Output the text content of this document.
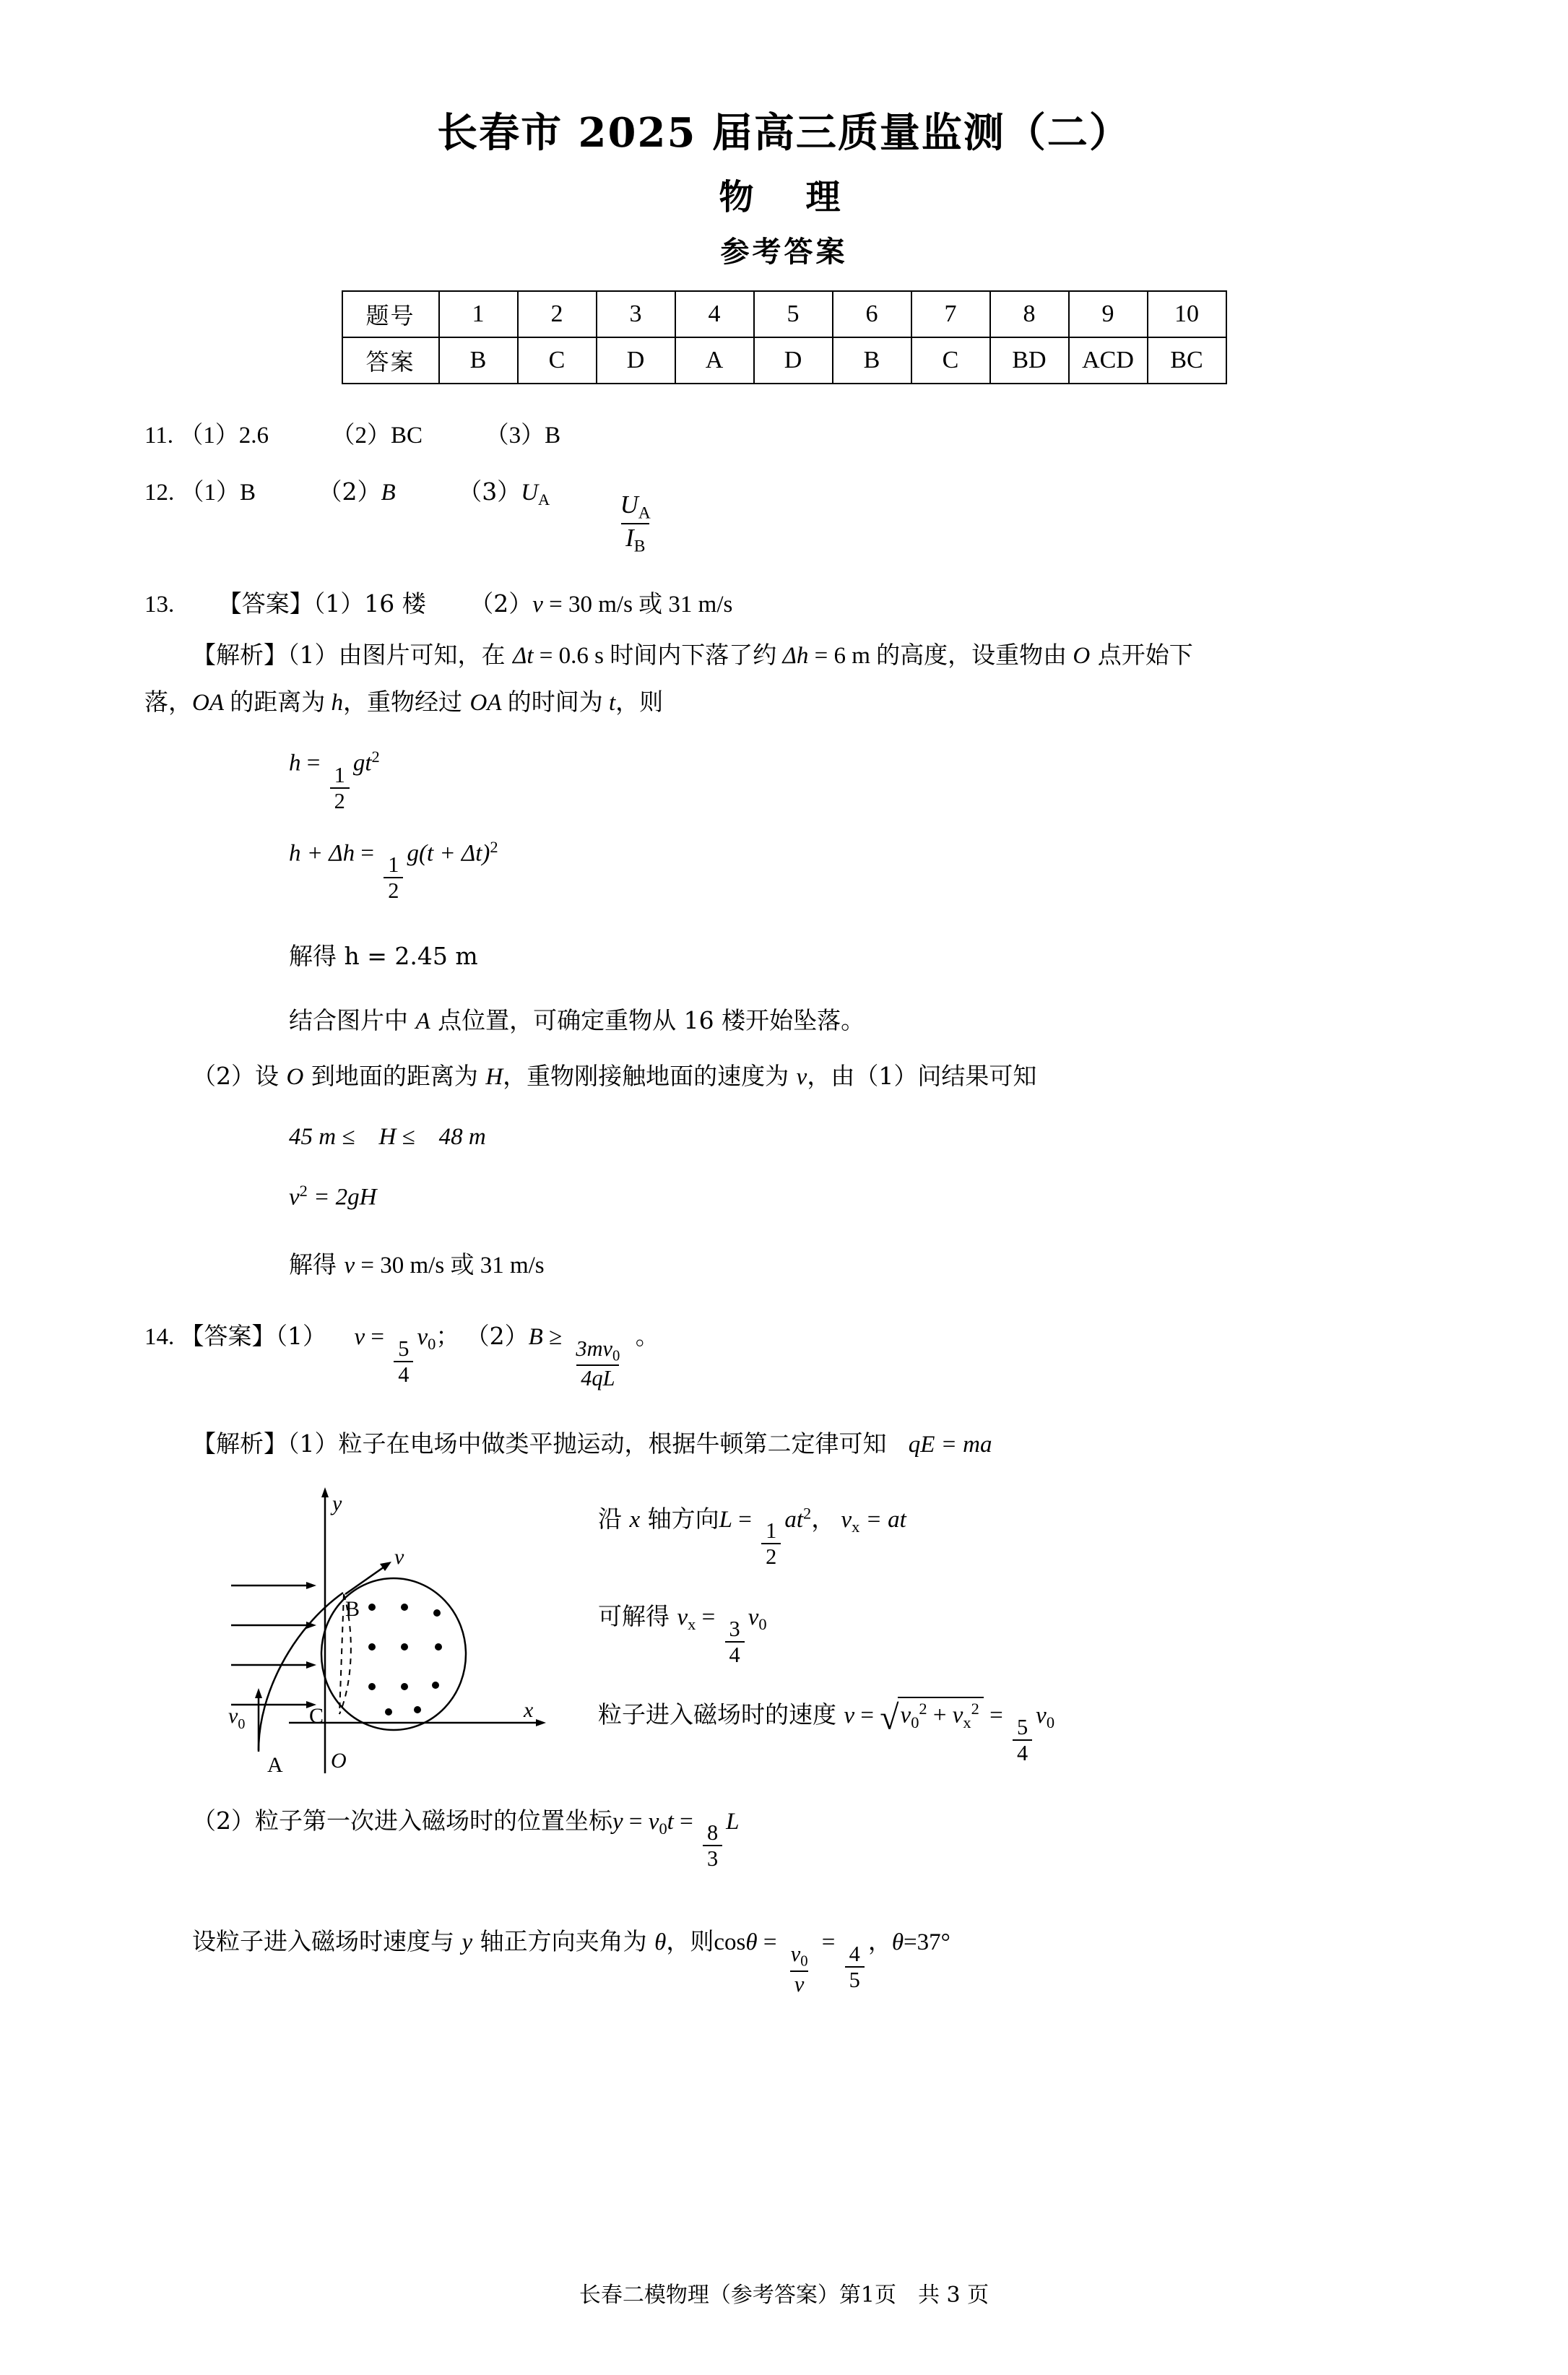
长春市 2025 届高三质量监测（二）
物　理
参考答案
题号	1	2	3	4	5	6	7	8	9	10
答案	B	C	D	A	D	B	C	BD	ACD	BC
11. （1）2.6	（2）BC	（3）B
12. （1）B	（2）B	$(3)U_A$	$\frac{U_A}{I_B}$
13. 【答案】（1）16 楼 （2）v = 30 m/s 或 31 m/s
【解析】（1）由图片可知，在 Δt = 0.6 s 时间内下落了约 Δh = 6 m 的高度，设重物由 O 点开始下
落，OA 的距离为 h，重物经过 OA 的时间为 t，则
$h = \frac{1}{2} gt^2$
$h + \Delta h = \frac{1}{2} g(t + \Delta t)^2$
解得 h = 2.45 m
结合图片中 A 点位置，可确定重物从 16 楼开始坠落。
（2）设 O 到地面的距离为 H，重物刚接触地面的速度为 v，由（1）问结果可知
45 m ≤　H ≤　48 m
$v^2 = 2gH$
解得 v = 30 m/s 或 31 m/s
14. 【答案】（1） $v = \frac{5}{4} v_0$； $(2)B \ge \frac{3mv_0}{4qL}$
。
【解析】（1）粒子在电场中做类平抛运动，根据牛顿第二定律可知 qE = ma
y
x
O
A
B
C
v
$v_0$
沿 x 轴方向$L = \frac{1}{2} at^2$， $v_x$ = at
可解得 $v_x = \frac{3}{4} v_0$
粒子进入磁场时的速度 $v = √v_0^2 + v_x^2 = \frac{5}{4} v_0$
（2）粒子第一次进入磁场时的位置坐标$y = v_0t = \frac{8}{3}$ L
设粒子进入磁场时速度与 y 轴正方向夹角为 θ，则$\cos\theta = \frac{v_0}{v} = \frac{4}{5}$
，θ=37°
长春二模物理（参考答案）第1页　共 3 页
